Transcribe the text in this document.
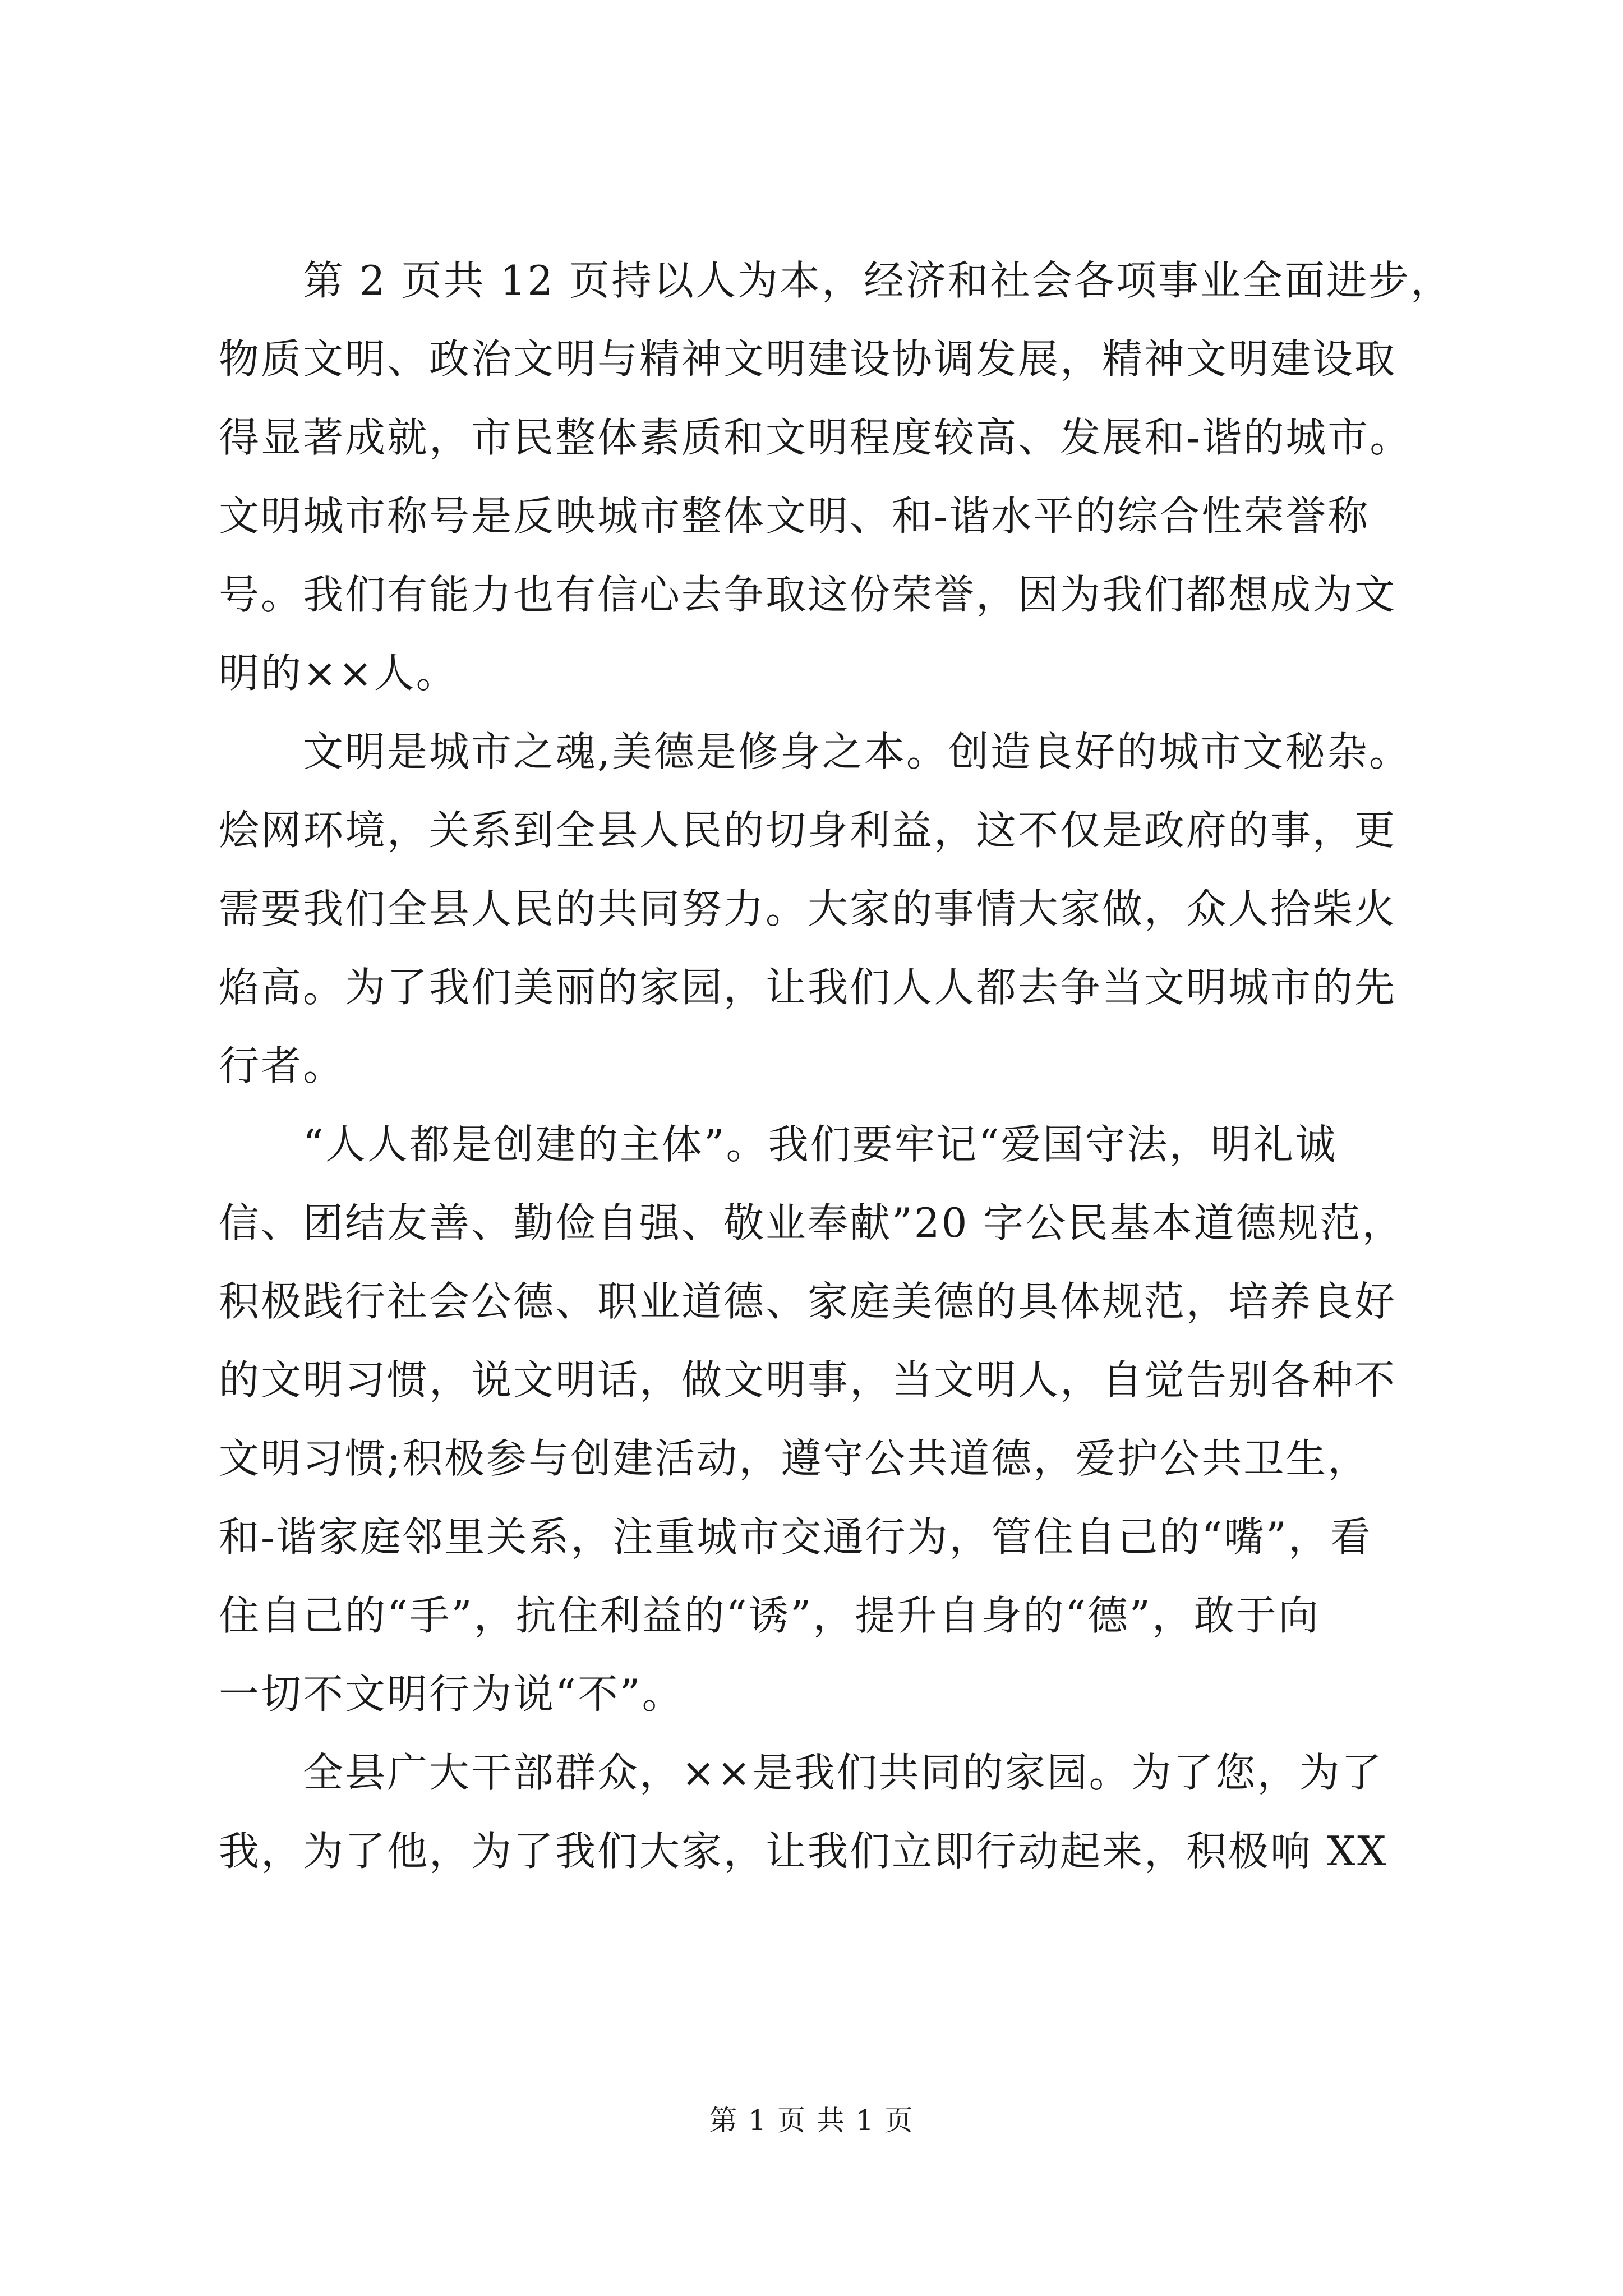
　　第 2 页共 12 页持以人为本，经济和社会各项事业全面进步，
物质文明、政治文明与精神文明建设协调发展，精神文明建设取
得显著成就，市民整体素质和文明程度较高、发展和-谐的城市。
文明城市称号是反映城市整体文明、和-谐水平的综合性荣誉称
号。我们有能力也有信心去争取这份荣誉，因为我们都想成为文
明的××人。
　　文明是城市之魂,美德是修身之本。创造良好的城市文秘杂。
烩网环境，关系到全县人民的切身利益，这不仅是政府的事，更
需要我们全县人民的共同努力。大家的事情大家做，众人拾柴火
焰高。为了我们美丽的家园，让我们人人都去争当文明城市的先
行者。
　　“人人都是创建的主体”。我们要牢记“爱国守法，明礼诚
信、团结友善、勤俭自强、敬业奉献”20 字公民基本道德规范，
积极践行社会公德、职业道德、家庭美德的具体规范，培养良好
的文明习惯，说文明话，做文明事，当文明人，自觉告别各种不
文明习惯;积极参与创建活动，遵守公共道德，爱护公共卫生，
和-谐家庭邻里关系，注重城市交通行为，管住自己的“嘴”，看
住自己的“手”，抗住利益的“诱”，提升自身的“德”，敢于向
一切不文明行为说“不”。
　　全县广大干部群众，××是我们共同的家园。为了您，为了
我，为了他，为了我们大家，让我们立即行动起来，积极响 XX
第 1 页 共 1 页
